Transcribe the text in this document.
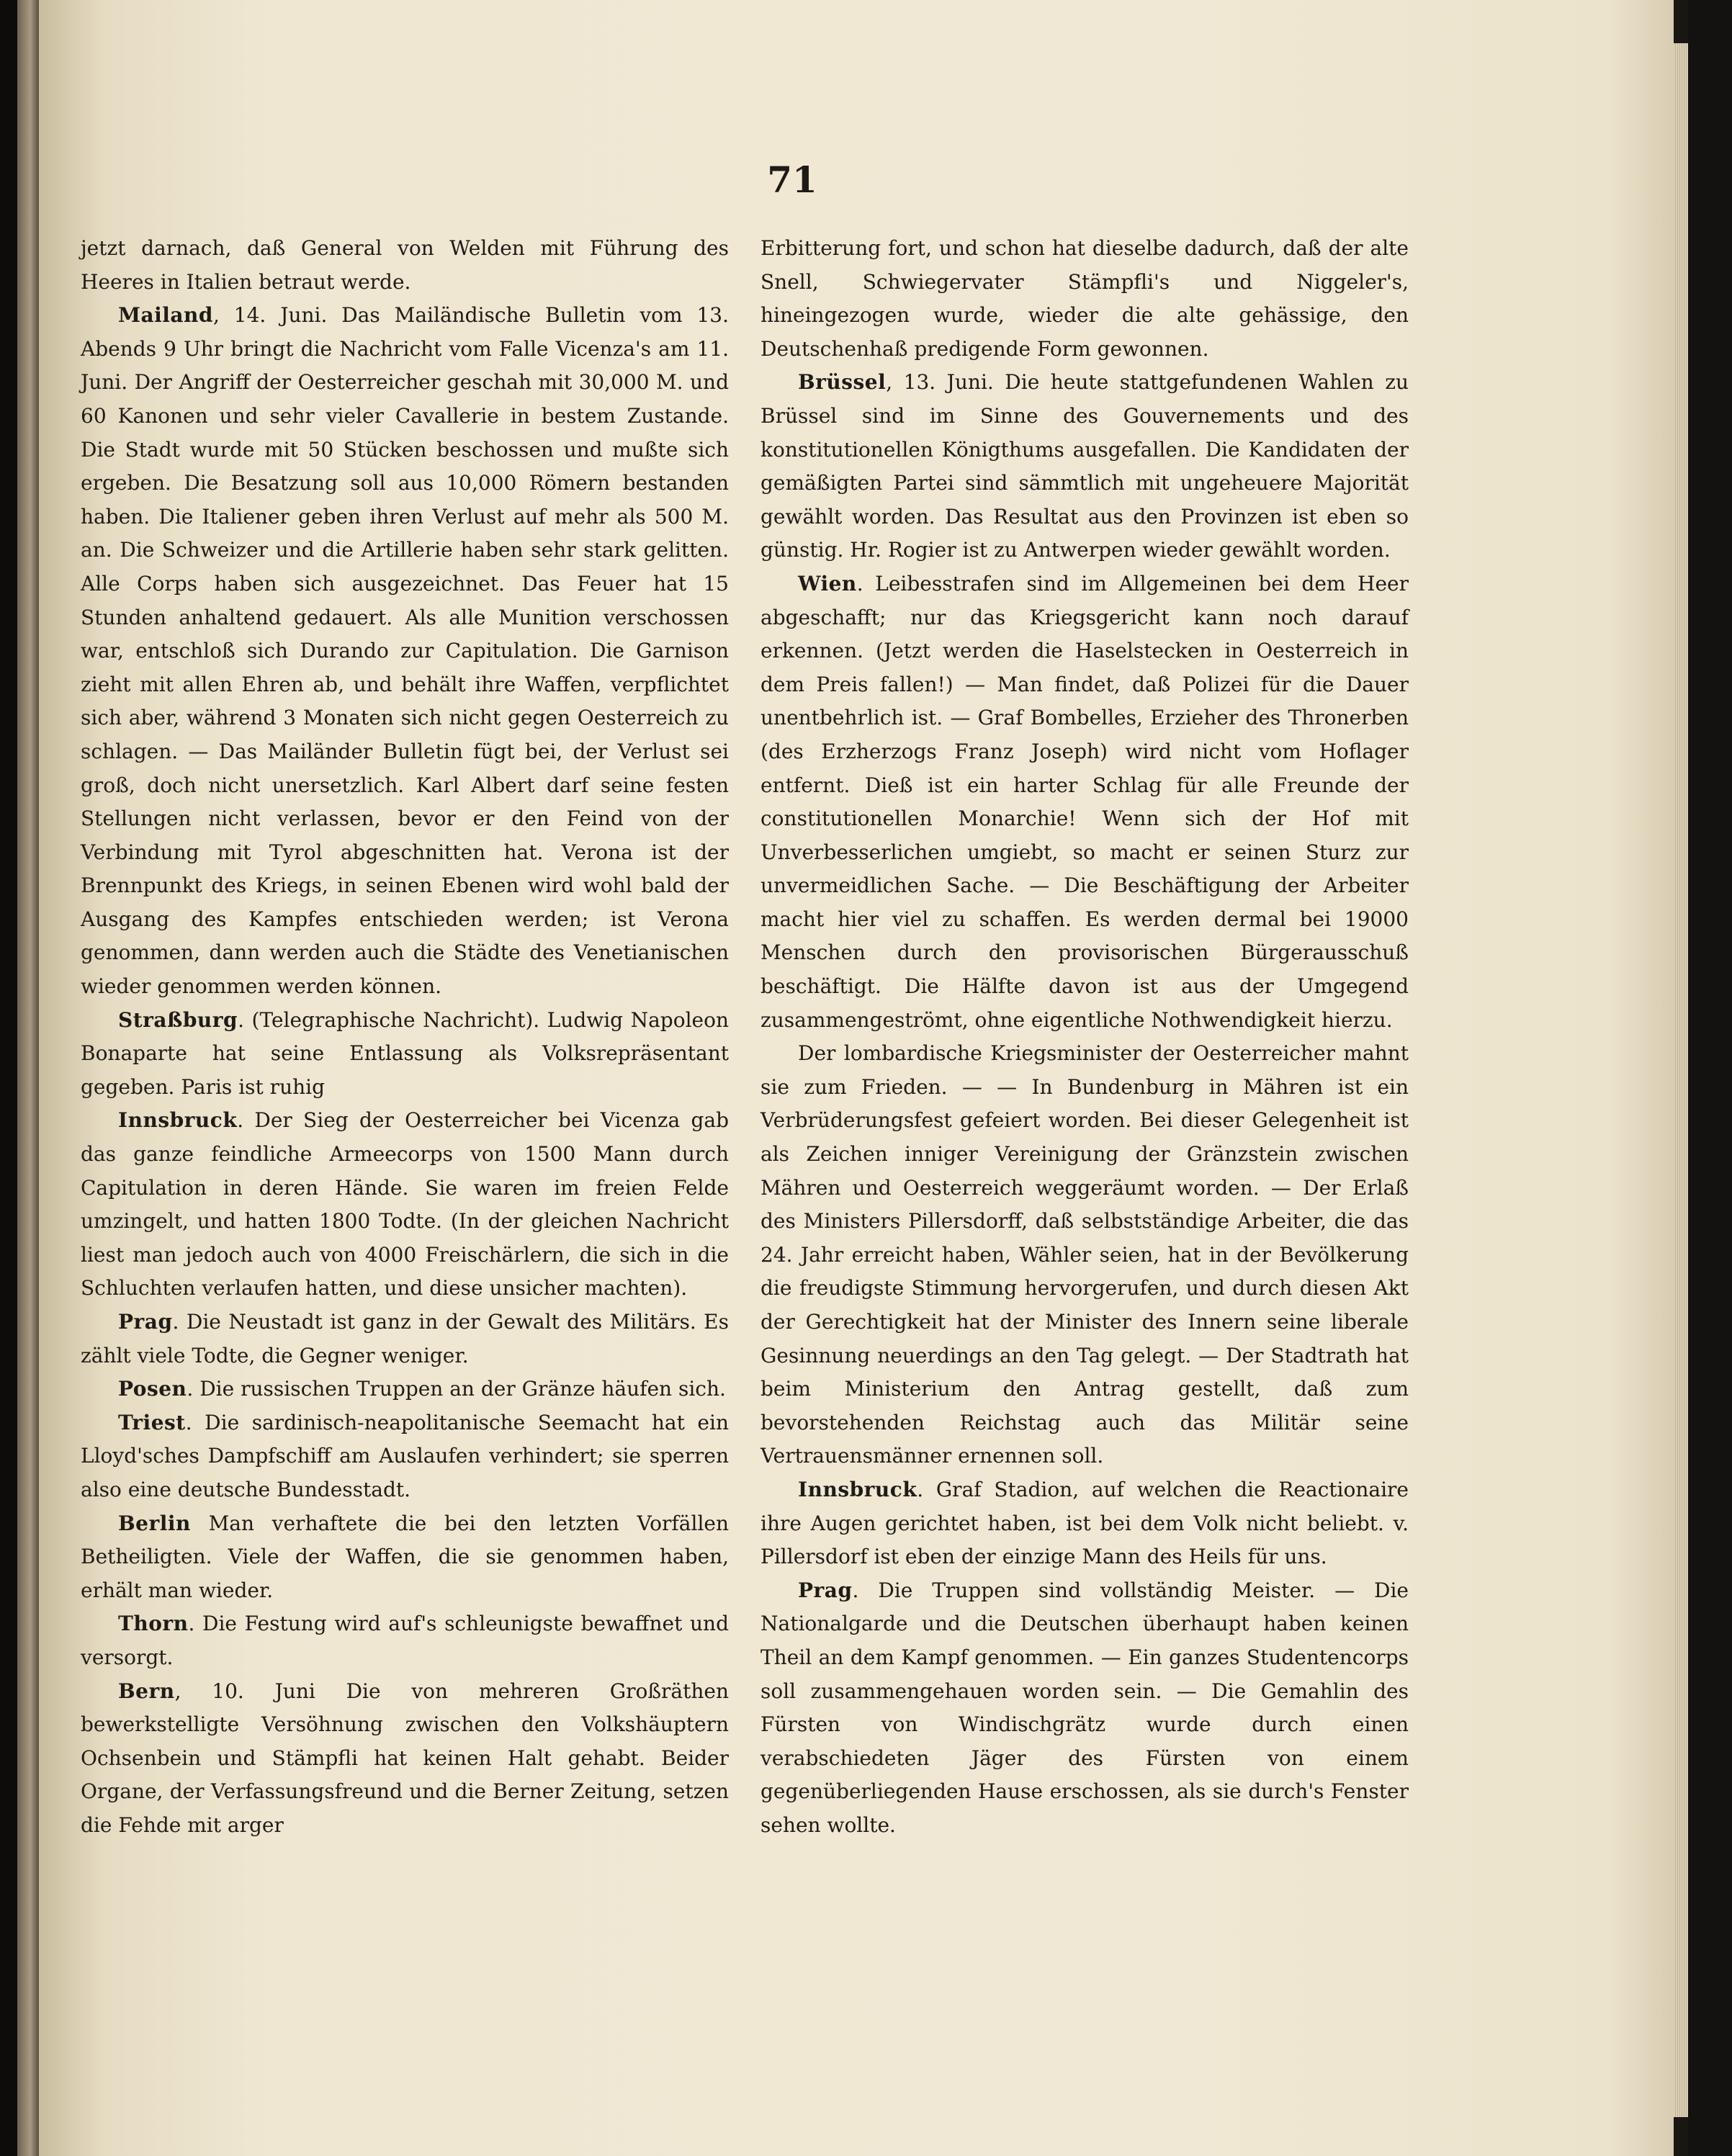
71

jetzt darnach, daß General von Welden mit Führung des Heeres in Italien betraut werde.

Mailand, 14. Juni. Das Mailändische Bulletin vom 13. Abends 9 Uhr bringt die Nachricht vom Falle Vicenza's am 11. Juni. Der Angriff der Oesterreicher geschah mit 30,000 M. und 60 Kanonen und sehr vieler Cavallerie in bestem Zustande. Die Stadt wurde mit 50 Stücken beschossen und mußte sich ergeben. Die Besatzung soll aus 10,000 Römern bestanden haben. Die Italiener geben ihren Verlust auf mehr als 500 M. an. Die Schweizer und die Artillerie haben sehr stark gelitten. Alle Corps haben sich ausgezeichnet. Das Feuer hat 15 Stunden anhaltend gedauert. Als alle Munition verschossen war, entschloß sich Durando zur Capitulation. Die Garnison zieht mit allen Ehren ab, und behält ihre Waffen, verpflichtet sich aber, während 3 Monaten sich nicht gegen Oesterreich zu schlagen. — Das Mailänder Bulletin fügt bei, der Verlust sei groß, doch nicht unersetzlich. Karl Albert darf seine festen Stellungen nicht verlassen, bevor er den Feind von der Verbindung mit Tyrol abgeschnitten hat. Verona ist der Brennpunkt des Kriegs, in seinen Ebenen wird wohl bald der Ausgang des Kampfes entschieden werden; ist Verona genommen, dann werden auch die Städte des Venetianischen wieder genommen werden können.

Straßburg. (Telegraphische Nachricht). Ludwig Napoleon Bonaparte hat seine Entlassung als Volksrepräsentant gegeben. Paris ist ruhig

Innsbruck. Der Sieg der Oesterreicher bei Vicenza gab das ganze feindliche Armeecorps von 1500 Mann durch Capitulation in deren Hände. Sie waren im freien Felde umzingelt, und hatten 1800 Todte. (In der gleichen Nachricht liest man jedoch auch von 4000 Freischärlern, die sich in die Schluchten verlaufen hatten, und diese unsicher machten).

Prag. Die Neustadt ist ganz in der Gewalt des Militärs. Es zählt viele Todte, die Gegner weniger.

Posen. Die russischen Truppen an der Gränze häufen sich.

Triest. Die sardinisch-neapolitanische Seemacht hat ein Lloyd'sches Dampfschiff am Auslaufen verhindert; sie sperren also eine deutsche Bundesstadt.

Berlin Man verhaftete die bei den letzten Vorfällen Betheiligten. Viele der Waffen, die sie genommen haben, erhält man wieder.

Thorn. Die Festung wird auf's schleunigste bewaffnet und versorgt.

Bern, 10. Juni Die von mehreren Großräthen bewerkstelligte Versöhnung zwischen den Volkshäuptern Ochsenbein und Stämpfli hat keinen Halt gehabt. Beider Organe, der Verfassungsfreund und die Berner Zeitung, setzen die Fehde mit arger

Erbitterung fort, und schon hat dieselbe dadurch, daß der alte Snell, Schwiegervater Stämpfli's und Niggeler's, hineingezogen wurde, wieder die alte gehässige, den Deutschenhaß predigende Form gewonnen.

Brüssel, 13. Juni. Die heute stattgefundenen Wahlen zu Brüssel sind im Sinne des Gouvernements und des konstitutionellen Königthums ausgefallen. Die Kandidaten der gemäßigten Partei sind sämmtlich mit ungeheuere Majorität gewählt worden. Das Resultat aus den Provinzen ist eben so günstig. Hr. Rogier ist zu Antwerpen wieder gewählt worden.

Wien. Leibesstrafen sind im Allgemeinen bei dem Heer abgeschafft; nur das Kriegsgericht kann noch darauf erkennen. (Jetzt werden die Haselstecken in Oesterreich in dem Preis fallen!) — Man findet, daß Polizei für die Dauer unentbehrlich ist. — Graf Bombelles, Erzieher des Thronerben (des Erzherzogs Franz Joseph) wird nicht vom Hoflager entfernt. Dieß ist ein harter Schlag für alle Freunde der constitutionellen Monarchie! Wenn sich der Hof mit Unverbesserlichen umgiebt, so macht er seinen Sturz zur unvermeidlichen Sache. — Die Beschäftigung der Arbeiter macht hier viel zu schaffen. Es werden dermal bei 19000 Menschen durch den provisorischen Bürgerausschuß beschäftigt. Die Hälfte davon ist aus der Umgegend zusammengeströmt, ohne eigentliche Nothwendigkeit hierzu.

Der lombardische Kriegsminister der Oesterreicher mahnt sie zum Frieden. — — In Bundenburg in Mähren ist ein Verbrüderungsfest gefeiert worden. Bei dieser Gelegenheit ist als Zeichen inniger Vereinigung der Gränzstein zwischen Mähren und Oesterreich weggeräumt worden. — Der Erlaß des Ministers Pillersdorff, daß selbstständige Arbeiter, die das 24. Jahr erreicht haben, Wähler seien, hat in der Bevölkerung die freudigste Stimmung hervorgerufen, und durch diesen Akt der Gerechtigkeit hat der Minister des Innern seine liberale Gesinnung neuerdings an den Tag gelegt. — Der Stadtrath hat beim Ministerium den Antrag gestellt, daß zum bevorstehenden Reichstag auch das Militär seine Vertrauensmänner ernennen soll.

Innsbruck. Graf Stadion, auf welchen die Reactionaire ihre Augen gerichtet haben, ist bei dem Volk nicht beliebt. v. Pillersdorf ist eben der einzige Mann des Heils für uns.

Prag. Die Truppen sind vollständig Meister. — Die Nationalgarde und die Deutschen überhaupt haben keinen Theil an dem Kampf genommen. — Ein ganzes Studentencorps soll zusammengehauen worden sein. — Die Gemahlin des Fürsten von Windischgrätz wurde durch einen verabschiedeten Jäger des Fürsten von einem gegenüberliegenden Hause erschossen, als sie durch's Fenster sehen wollte.
